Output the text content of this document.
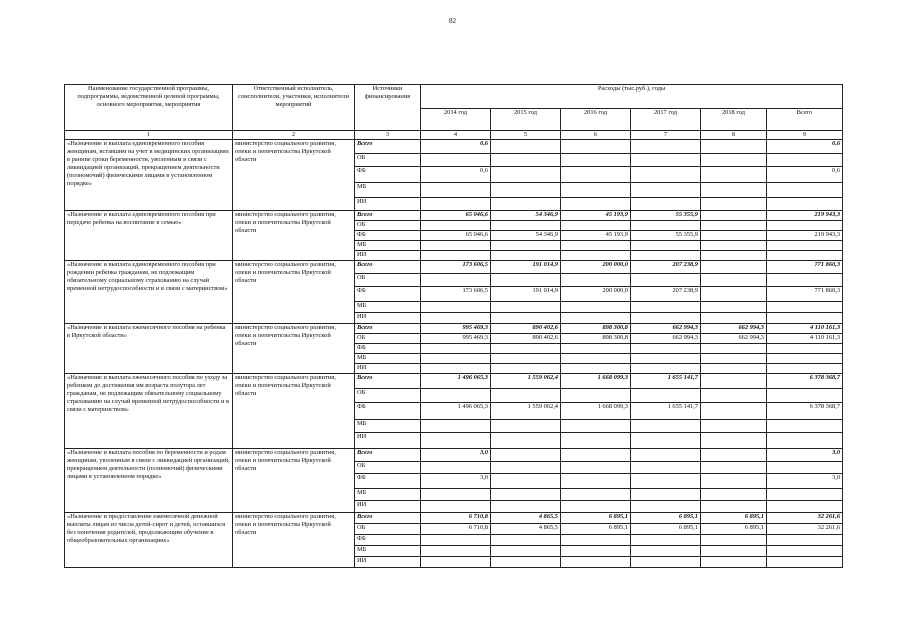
82
Наименование государственной программы, подпрограммы, ведомственной целевой программы, основного мероприятия, мероприятия	Ответственный исполнитель, соисполнители, участники, исполнители мероприятий	Источники финансирования	Расходы (тыс.руб.), годы					
			2014 год	2015 год	2016 год	2017 год	2018 год	Всего
1	2	3	4	5	6	7	8	9
«Назначение и выплата единовременного пособия женщинам, вставшим на учет в медицинских организациях в ранние сроки беременности, уволенным в связи с ликвидацией организаций, прекращением деятельности (полномочий) физическими лицами в установленном порядке»	министерство социального развития, опеки и попечительства Иркутской области	Всего	0,6					0,6
		ОБ						
		ФБ	0,6					0,6
		МБ						
		ИИ						
«Назначение и выплата единовременного пособия при передаче ребенка на воспитание в семью»	министерство социального развития, опеки и попечительства Иркутской области	Всего	65 046,6	54 346,9	45 193,9	55 355,9		219 943,3
		ОБ						
		ФБ	65 046,6	54 346,9	45 193,9	55 355,9		219 943,3
		МБ						
		ИИ						
«Назначение и выплата единовременного пособия при рождении ребенка гражданам, не подлежащим обязательному социальному страхованию на случай временной нетрудоспособности и в связи с материнством»	министерство социального развития, опеки и попечительства Иркутской области	Всего	173 606,5	191 014,9	200 000,0	207 238,9		771 860,3
		ОБ						
		ФБ	173 606,5	191 014,9	200 000,0	207 238,9		771 860,3
		МБ						
		ИИ						
«Назначение и выплата ежемесячного пособия на ребенка в Иркутской области»	министерство социального развития, опеки и попечительства Иркутской области	Всего	995 469,3	890 402,6	898 300,8	662 994,3	662 994,3	4 110 161,3
		ОБ	995 469,3	890 402,6	898 300,8	662 994,3	662 994,3	4 110 161,3
		ФБ						
		МБ						
		ИИ						
«Назначение и выплата ежемесячного пособия по уходу за ребенком до достижения им возраста полутора лет гражданам, не подлежащим обязательному социальному страхованию на случай временной нетрудоспособности и в связи с материнством»	министерство социального развития, опеки и попечительства Иркутской области	Всего	1 496 065,3	1 559 062,4	1 668 099,3	1 655 141,7		6 378 368,7
		ОБ						
		ФБ	1 496 065,3	1 559 062,4	1 668 099,3	1 655 141,7		6 378 368,7
		МБ						
		ИИ						
«Назначение и выплата пособия по беременности и родам женщинам, уволенным в связи с ликвидацией организаций, прекращением деятельности (полномочий) физическими лицами в установленном порядке»	министерство социального развития, опеки и попечительства Иркутской области	Всего	3,0					3,0
		ОБ						
		ФБ	3,0					3,0
		МБ						
		ИИ						
«Назначение и предоставление ежемесячной денежной выплаты лицам из числа детей-сирот и детей, оставшихся без попечения родителей, продолжающим обучение в общеобразовательных организациях»	министерство социального развития, опеки и попечительства Иркутской области	Всего	6 710,8	4 865,5	6 895,1	6 895,1	6 895,1	32 261,6
		ОБ	6 710,8	4 865,5	6 895,1	6 895,1	6 895,1	32 261,6
		ФБ						
		МБ						
		ИИ						
